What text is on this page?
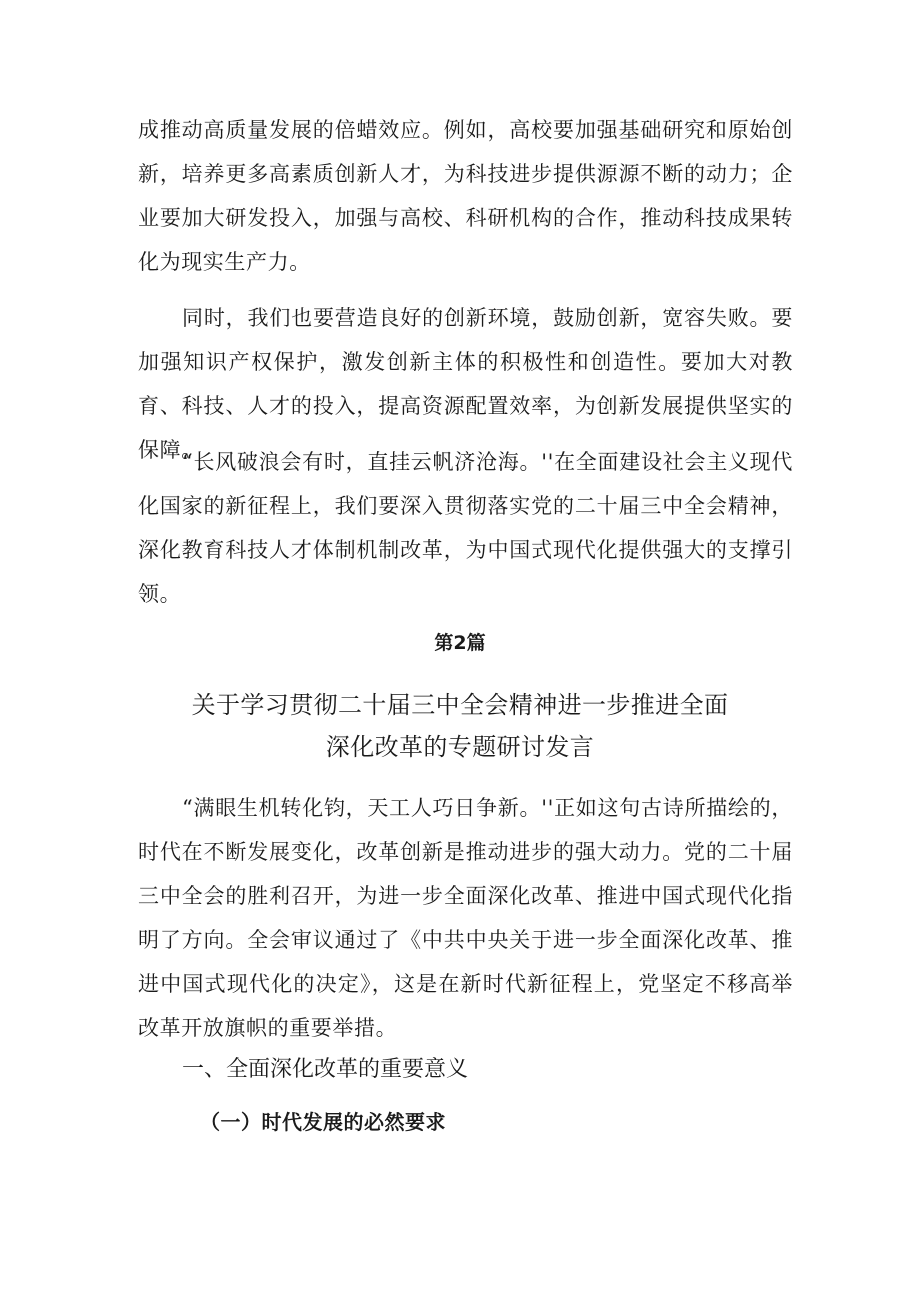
成推动高质量发展的倍蜡效应。例如，高校要加强基础研究和原始创新，培养更多高素质创新人才，为科技进步提供源源不断的动力；企业要加大研发投入，加强与高校、科研机构的合作，推动科技成果转化为现实生产力。

同时，我们也要营造良好的创新环境，鼓励创新，宽容失败。要加强知识产权保护，激发创新主体的积极性和创造性。要加大对教育、科技、人才的投入，提高资源配置效率，为创新发展提供坚实的保障。

“长风破浪会有时，直挂云帆济沧海。''在全面建设社会主义现代化国家的新征程上，我们要深入贯彻落实党的二十届三中全会精神，深化教育科技人才体制机制改革，为中国式现代化提供强大的支撑引领。

第2篇
关于学习贯彻二十届三中全会精神进一步推进全面
深化改革的专题研讨发言

“满眼生机转化钧，天工人巧日争新。''正如这句古诗所描绘的，时代在不断发展变化，改革创新是推动进步的强大动力。党的二十届三中全会的胜利召开，为进一步全面深化改革、推进中国式现代化指明了方向。全会审议通过了《中共中央关于进一步全面深化改革、推进中国式现代化的决定》，这是在新时代新征程上，党坚定不移高举改革开放旗帜的重要举措。

一、全面深化改革的重要意义
（一）时代发展的必然要求
